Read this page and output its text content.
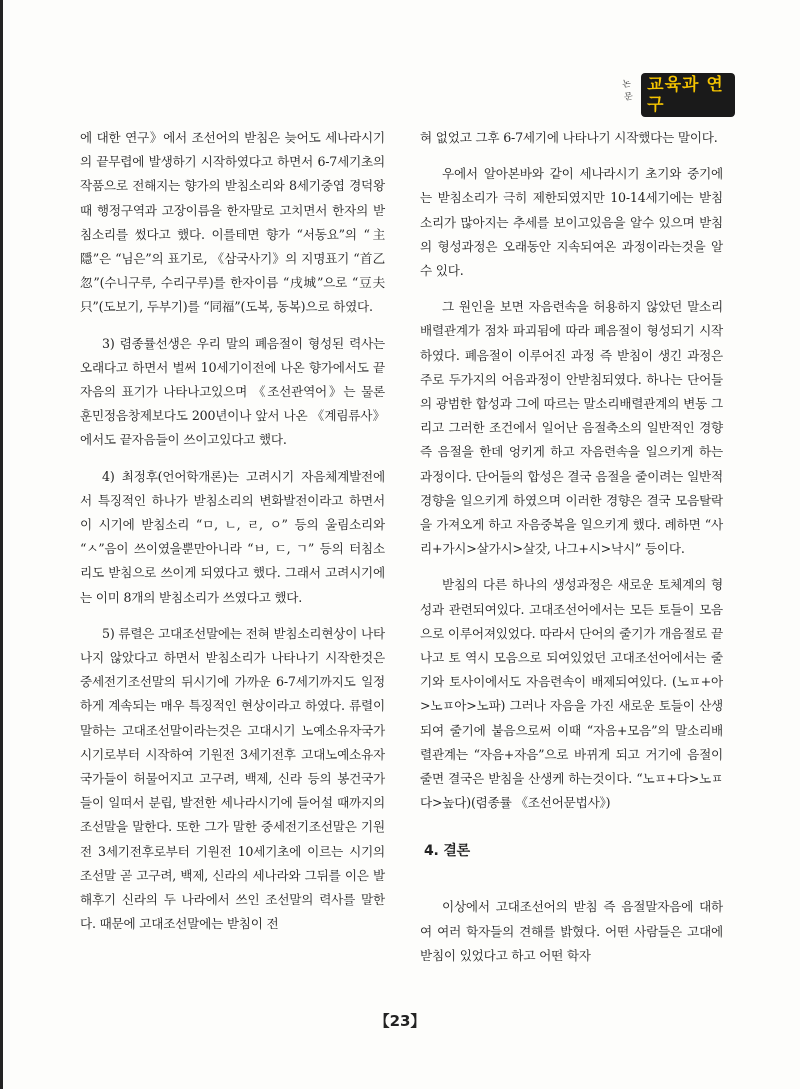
논문
교육과 연구

에 대한 연구》에서 조선어의 받침은 늦어도 세나라시기의 끝무렵에 발생하기 시작하였다고 하면서 6-7세기초의 작품으로 전해지는 향가의 받침소리와 8세기중엽 경덕왕때 행정구역과 고장이름을 한자말로 고치면서 한자의 받침소리를 썼다고 했다. 이를테면 향가 “서동요”의 “主隱”은 “님은”의 표기로, 《삼국사기》의 지명표기 “首乙忽”(수니구루, 수리구루)를 한자이름 “戌城”으로 “豆夫只”(도보기, 두부기)를 “同福”(도복, 동복)으로 하였다.

3) 렴종률선생은 우리 말의 폐음절이 형성된 력사는 오래다고 하면서 벌써 10세기이전에 나온 향가에서도 끝자음의 표기가 나타나고있으며 《조선관역어》는 물론 훈민정음창제보다도 200년이나 앞서 나온 《계림류사》에서도 끝자음들이 쓰이고있다고 했다.

4) 최정후(언어학개론)는 고려시기 자음체계발전에서 특징적인 하나가 받침소리의 변화발전이라고 하면서 이 시기에 받침소리 “ㅁ, ㄴ, ㄹ, ㅇ” 등의 울림소리와 “ㅅ”음이 쓰이였을뿐만아니라 “ㅂ, ㄷ, ㄱ” 등의 터침소리도 받침으로 쓰이게 되였다고 했다. 그래서 고려시기에는 이미 8개의 받침소리가 쓰였다고 했다.

5) 류렬은 고대조선말에는 전혀 받침소리현상이 나타나지 않았다고 하면서 받침소리가 나타나기 시작한것은 중세전기조선말의 뒤시기에 가까운 6-7세기까지도 일정하게 계속되는 매우 특징적인 현상이라고 하였다. 류렬이 말하는 고대조선말이라는것은 고대시기 노예소유자국가시기로부터 시작하여 기원전 3세기전후 고대노예소유자국가들이 허물어지고 고구려, 백제, 신라 등의 봉건국가들이 일떠서 분립, 발전한 세나라시기에 들어설 때까지의 조선말을 말한다. 또한 그가 말한 중세전기조선말은 기원전 3세기전후로부터 기원전 10세기초에 이르는 시기의 조선말 곧 고구려, 백제, 신라의 세나라와 그뒤를 이은 발해후기 신라의 두 나라에서 쓰인 조선말의 력사를 말한다. 때문에 고대조선말에는 받침이 전

혀 없었고 그후 6-7세기에 나타나기 시작했다는 말이다.

우에서 알아본바와 같이 세나라시기 초기와 중기에는 받침소리가 극히 제한되였지만 10-14세기에는 받침소리가 많아지는 추세를 보이고있음을 알수 있으며 받침의 형성과정은 오래동안 지속되여온 과정이라는것을 알수 있다.

그 원인을 보면 자음련속을 허용하지 않았던 말소리배렬관계가 점차 파괴됨에 따라 폐음절이 형성되기 시작하였다. 폐음절이 이루어진 과정 즉 받침이 생긴 과정은 주로 두가지의 어음과정이 안받침되였다. 하나는 단어들의 광범한 합성과 그에 따르는 말소리배렬관계의 변동 그리고 그러한 조건에서 일어난 음절축소의 일반적인 경향 즉 음절을 한데 엉키게 하고 자음련속을 일으키게 하는 과정이다. 단어들의 합성은 결국 음절을 줄이려는 일반적경향을 일으키게 하였으며 이러한 경향은 결국 모음탈락을 가져오게 하고 자음중복을 일으키게 했다. 례하면 “사리+가시>살가시>살갓, 나그+시>낙시” 등이다.

받침의 다른 하나의 생성과정은 새로운 토체계의 형성과 관련되여있다. 고대조선어에서는 모든 토들이 모음으로 이루어져있었다. 따라서 단어의 줄기가 개음절로 끝나고 토 역시 모음으로 되여있었던 고대조선어에서는 줄기와 토사이에서도 자음련속이 배제되여있다. (노ㅍ+아>노ㅍ아>노파) 그러나 자음을 가진 새로운 토들이 산생되여 줄기에 붙음으로써 이때 “자음+모음”의 말소리배렬관계는 “자음+자음”으로 바뀌게 되고 거기에 음절이 줄면 결국은 받침을 산생케 하는것이다. “노ㅍ+다>노ㅍ다>높다)(렴종률 《조선어문법사》)

4. 결론

이상에서 고대조선어의 받침 즉 음절말자음에 대하여 여러 학자들의 견해를 밝혔다. 어떤 사람들은 고대에 받침이 있었다고 하고 어떤 학자

【23】
